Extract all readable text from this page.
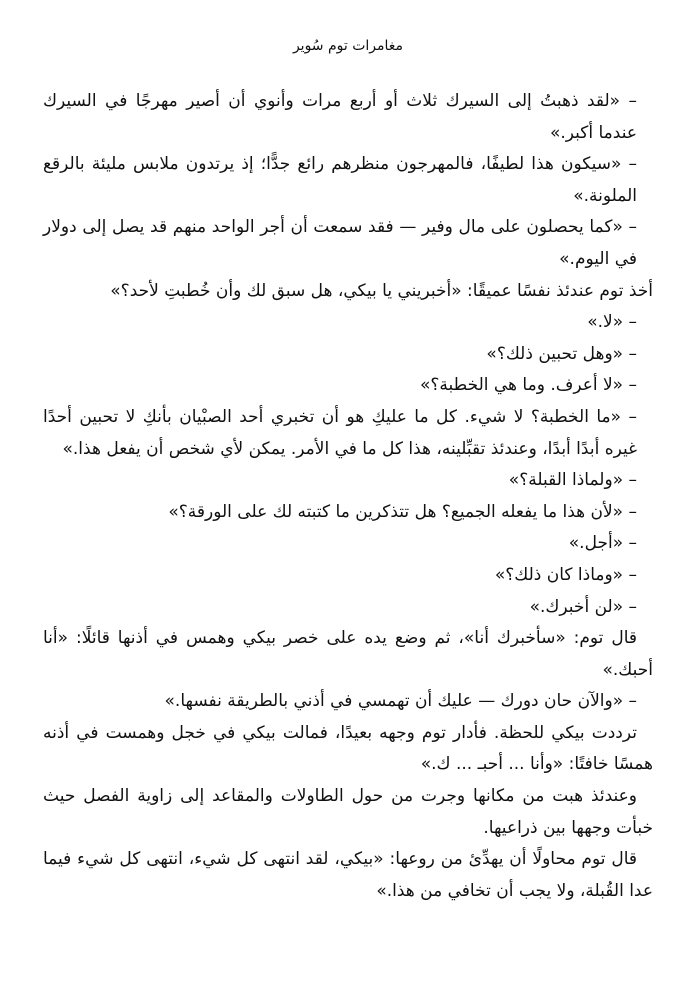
مغامرات توم سُوير

– «لقد ذهبتُ إلى السيرك ثلاث أو أربع مرات وأنوي أن أصير مهرجًا في السيرك عندما أكبر.»

– «سيكون هذا لطيفًا، فالمهرجون منظرهم رائع جدًّا؛ إذ يرتدون ملابس مليئة بالرقع الملونة.»

– «كما يحصلون على مال وفير — فقد سمعت أن أجر الواحد منهم قد يصل إلى دولار في اليوم.»

أخذ توم عندئذ نفسًا عميقًا: «أخبريني يا بيكي، هل سبق لك وأن خُطبتِ لأحد؟»

– «لا.»

– «وهل تحبين ذلك؟»

– «لا أعرف. وما هي الخطبة؟»

– «ما الخطبة؟ لا شيء. كل ما عليكِ هو أن تخبري أحد الصبْيان بأنكِ لا تحبين أحدًا غيره أبدًا أبدًا، وعندئذ تقبِّلينه، هذا كل ما في الأمر. يمكن لأي شخص أن يفعل هذا.»

– «ولماذا القبلة؟»

– «لأن هذا ما يفعله الجميع؟ هل تتذكرين ما كتبته لك على الورقة؟»

– «أجل.»

– «وماذا كان ذلك؟»

– «لن أخبرك.»

قال توم: «سأخبرك أنا»، ثم وضع يده على خصر بيكي وهمس في أذنها قائلًا: «أنا أحبك.»

– «والآن حان دورك — عليك أن تهمسي في أذني بالطريقة نفسها.»

ترددت بيكي للحظة. فأدار توم وجهه بعيدًا، فمالت بيكي في خجل وهمست في أذنه همسًا خافتًا: «وأنا ... أحبـ ... ك.»

وعندئذ هبت من مكانها وجرت من حول الطاولات والمقاعد إلى زاوية الفصل حيث خبأت وجهها بين ذراعيها.

قال توم محاولًا أن يهدِّئ من روعها: «بيكي، لقد انتهى كل شيء، انتهى كل شيء فيما عدا القُبلة، ولا يجب أن تخافي من هذا.»
